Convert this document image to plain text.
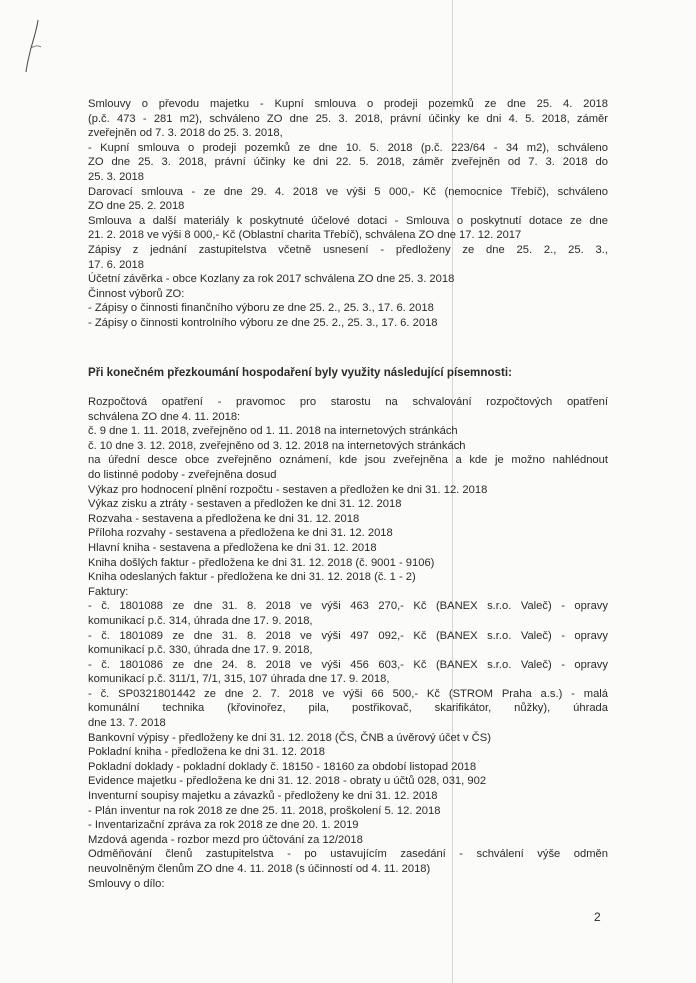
Smlouvy o převodu majetku - Kupní smlouva o prodeji pozemků ze dne 25. 4. 2018

(p.č. 473 - 281 m2), schváleno ZO dne 25. 3. 2018, právní účinky ke dni 4. 5. 2018, záměr

zveřejněn od 7. 3. 2018 do 25. 3. 2018,

- Kupní smlouva o prodeji pozemků ze dne 10. 5. 2018 (p.č. 223/64 - 34 m2), schváleno

ZO dne 25. 3. 2018, právní účinky ke dni 22. 5. 2018, záměr zveřejněn od 7. 3. 2018 do

25. 3. 2018

Darovací smlouva - ze dne 29. 4. 2018 ve výši 5 000,- Kč (nemocnice Třebíč), schváleno

ZO dne 25. 2. 2018

Smlouva a další materiály k poskytnuté účelové dotaci - Smlouva o poskytnutí dotace ze dne

21. 2. 2018 ve výši 8 000,- Kč (Oblastní charita Třebíč), schválena ZO dne 17. 12. 2017

Zápisy z jednání zastupitelstva včetně usnesení - předloženy ze dne 25. 2., 25. 3.,

17. 6. 2018

Účetní závěrka - obce Kozlany za rok 2017 schválena ZO dne 25. 3. 2018

Činnost výborů ZO:

- Zápisy o činnosti finančního výboru ze dne 25. 2., 25. 3., 17. 6. 2018

- Zápisy o činnosti kontrolního výboru ze dne 25. 2., 25. 3., 17. 6. 2018

Při konečném přezkoumání hospodaření byly využity následující písemnosti:

Rozpočtová opatření - pravomoc pro starostu na schvalování rozpočtových opatření

schválena ZO dne 4. 11. 2018:

č. 9 dne 1. 11. 2018, zveřejněno od 1. 11. 2018 na internetových stránkách

č. 10 dne 3. 12. 2018, zveřejněno od 3. 12. 2018 na internetových stránkách

na úřední desce obce zveřejněno oznámení, kde jsou zveřejněna a kde je možno nahlédnout

do listinné podoby - zveřejněna dosud

Výkaz pro hodnocení plnění rozpočtu - sestaven a předložen ke dni 31. 12. 2018

Výkaz zisku a ztráty - sestaven a předložen ke dni 31. 12. 2018

Rozvaha - sestavena a předložena ke dni 31. 12. 2018

Příloha rozvahy - sestavena a předložena ke dni 31. 12. 2018

Hlavní kniha - sestavena a předložena ke dni 31. 12. 2018

Kniha došlých faktur - předložena ke dni 31. 12. 2018 (č. 9001 - 9106)

Kniha odeslaných faktur - předložena ke dni 31. 12. 2018 (č. 1 - 2)

Faktury:

- č. 1801088 ze dne 31. 8. 2018 ve výši 463 270,- Kč (BANEX s.r.o. Valeč) - opravy

komunikací p.č. 314, úhrada dne 17. 9. 2018,

- č. 1801089 ze dne 31. 8. 2018 ve výši 497 092,- Kč (BANEX s.r.o. Valeč) - opravy

komunikací p.č. 330, úhrada dne 17. 9. 2018,

- č. 1801086 ze dne 24. 8. 2018 ve výši 456 603,- Kč (BANEX s.r.o. Valeč) - opravy

komunikací p.č. 311/1, 7/1, 315, 107 úhrada dne 17. 9. 2018,

- č. SP0321801442 ze dne 2. 7. 2018 ve výši 66 500,- Kč (STROM Praha a.s.) - malá

komunální technika (křovinořez, pila, postřikovač, skarifikátor, nůžky), úhrada

dne 13. 7. 2018

Bankovní výpisy - předloženy ke dni 31. 12. 2018 (ČS, ČNB a úvěrový účet v ČS)

Pokladní kniha - předložena ke dni 31. 12. 2018

Pokladní doklady - pokladní doklady č. 18150 - 18160 za období listopad 2018

Evidence majetku - předložena ke dni 31. 12. 2018 - obraty u účtů 028, 031, 902

Inventurní soupisy majetku a závazků - předloženy ke dni 31. 12. 2018

- Plán inventur na rok 2018 ze dne 25. 11. 2018, proškolení 5. 12. 2018

- Inventarizační zpráva za rok 2018 ze dne 20. 1. 2019

Mzdová agenda - rozbor mezd pro účtování za 12/2018

Odměňování členů zastupitelstva - po ustavujícím zasedání - schválení výše odměn

neuvolněným členům ZO dne 4. 11. 2018 (s účinností od 4. 11. 2018)

Smlouvy o dílo:

2
